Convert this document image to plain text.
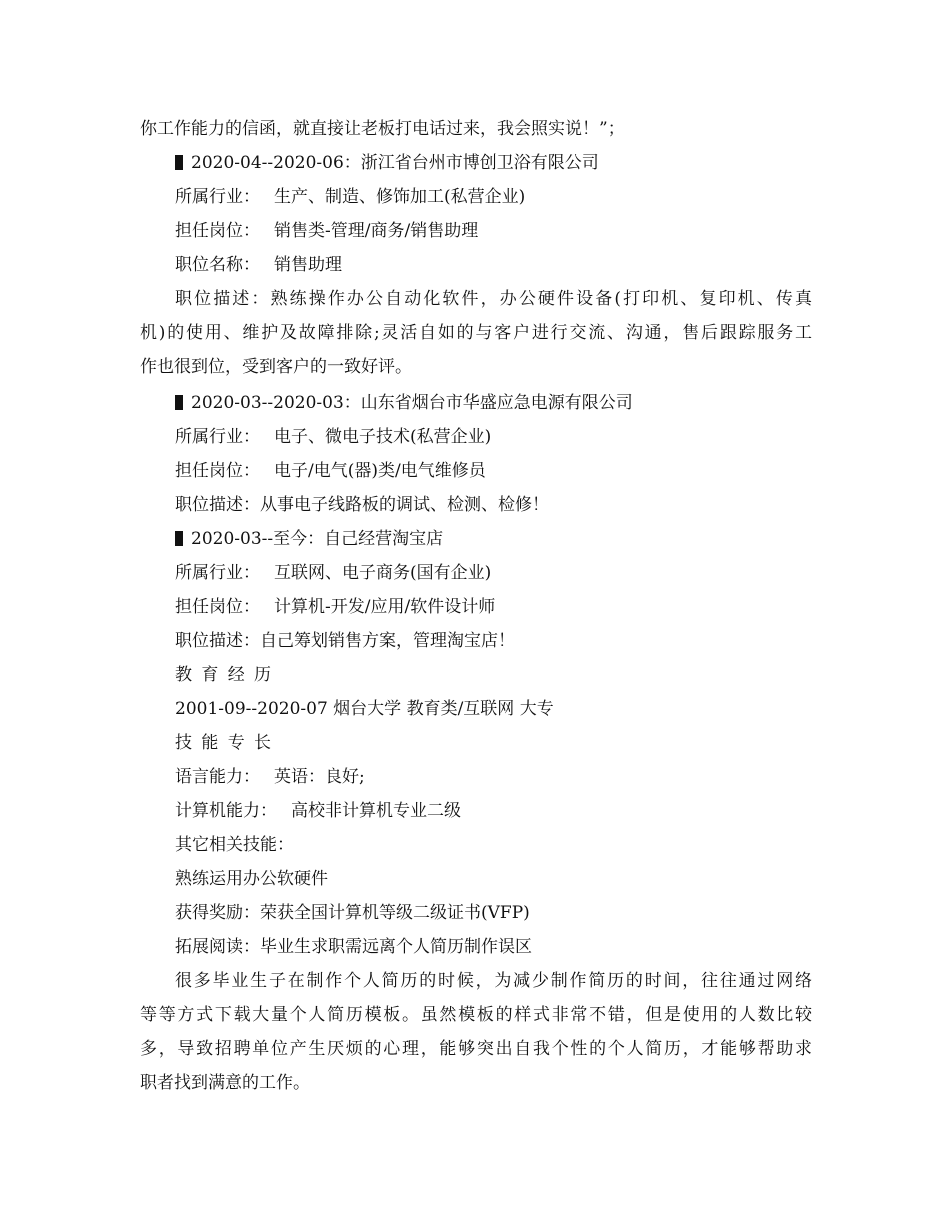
你工作能力的信函，就直接让老板打电话过来，我会照实说！”；
2020-04--2020-06：浙江省台州市博创卫浴有限公司
所属行业： 生产、制造、修饰加工(私营企业)
担任岗位： 销售类-管理/商务/销售助理
职位名称： 销售助理
职位描述：熟练操作办公自动化软件，办公硬件设备(打印机、复印机、传真
机)的使用、维护及故障排除;灵活自如的与客户进行交流、沟通，售后跟踪服务工
作也很到位，受到客户的一致好评。
2020-03--2020-03：山东省烟台市华盛应急电源有限公司
所属行业： 电子、微电子技术(私营企业)
担任岗位： 电子/电气(器)类/电气维修员
职位描述：从事电子线路板的调试、检测、检修！
2020-03--至今：自己经营淘宝店
所属行业： 互联网、电子商务(国有企业)
担任岗位： 计算机-开发/应用/软件设计师
职位描述：自己筹划销售方案，管理淘宝店！
教育经历
2001-09--2020-07 烟台大学 教育类/互联网 大专
技能专长
语言能力： 英语：良好;
计算机能力： 高校非计算机专业二级
其它相关技能：
熟练运用办公软硬件
获得奖励：荣获全国计算机等级二级证书(VFP)
拓展阅读：毕业生求职需远离个人简历制作误区
很多毕业生子在制作个人简历的时候，为减少制作简历的时间，往往通过网络
等等方式下载大量个人简历模板。虽然模板的样式非常不错，但是使用的人数比较
多，导致招聘单位产生厌烦的心理，能够突出自我个性的个人简历，才能够帮助求
职者找到满意的工作。
